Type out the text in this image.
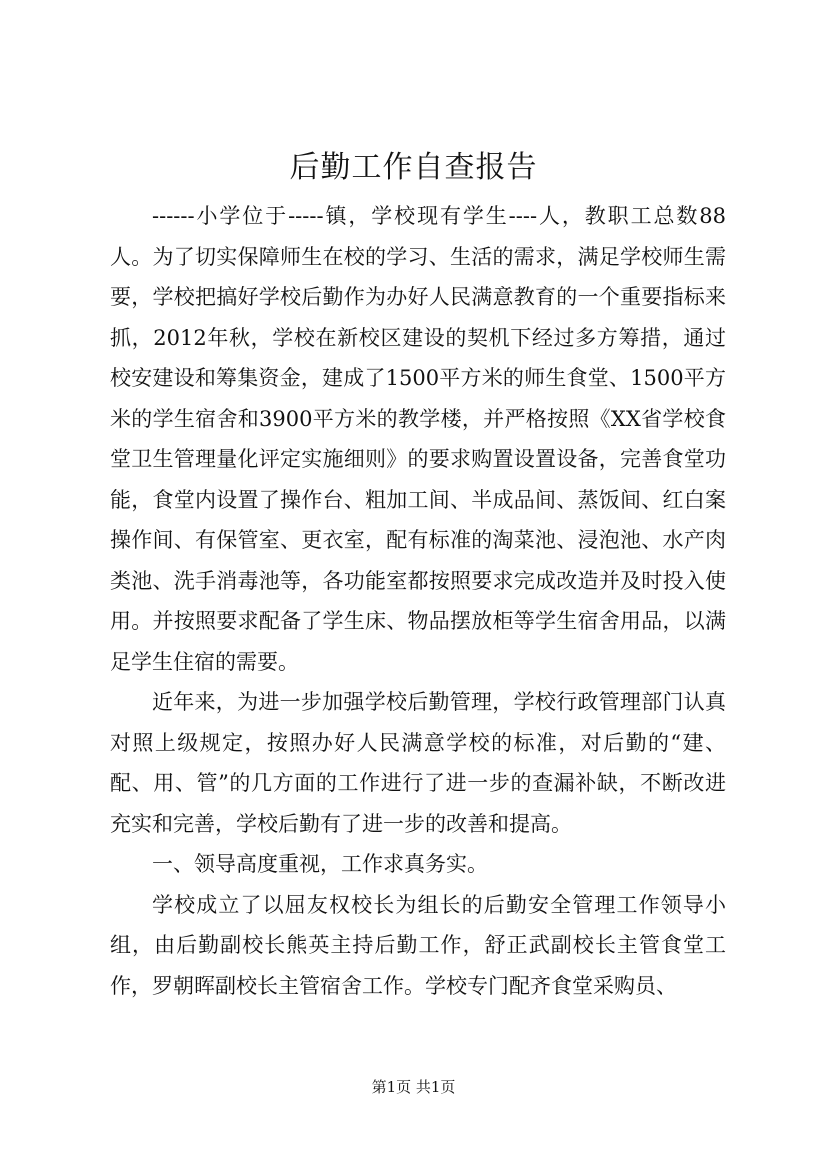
后勤工作自查报告

------小学位于-----镇，学校现有学生----人，教职工总数88人。为了切实保障师生在校的学习、生活的需求，满足学校师生需要，学校把搞好学校后勤作为办好人民满意教育的一个重要指标来抓，2012年秋，学校在新校区建设的契机下经过多方筹措，通过校安建设和筹集资金，建成了1500平方米的师生食堂、1500平方米的学生宿舍和3900平方米的教学楼，并严格按照《XX省学校食堂卫生管理量化评定实施细则》的要求购置设置设备，完善食堂功能，食堂内设置了操作台、粗加工间、半成品间、蒸饭间、红白案操作间、有保管室、更衣室，配有标准的淘菜池、浸泡池、水产肉类池、洗手消毒池等，各功能室都按照要求完成改造并及时投入使用。并按照要求配备了学生床、物品摆放柜等学生宿舍用品，以满足学生住宿的需要。

近年来，为进一步加强学校后勤管理，学校行政管理部门认真对照上级规定，按照办好人民满意学校的标准，对后勤的“建、配、用、管”的几方面的工作进行了进一步的查漏补缺，不断改进充实和完善，学校后勤有了进一步的改善和提高。

一、领导高度重视，工作求真务实。

学校成立了以屈友权校长为组长的后勤安全管理工作领导小组，由后勤副校长熊英主持后勤工作，舒正武副校长主管食堂工作，罗朝晖副校长主管宿舍工作。学校专门配齐食堂采购员、

第1页 共1页
